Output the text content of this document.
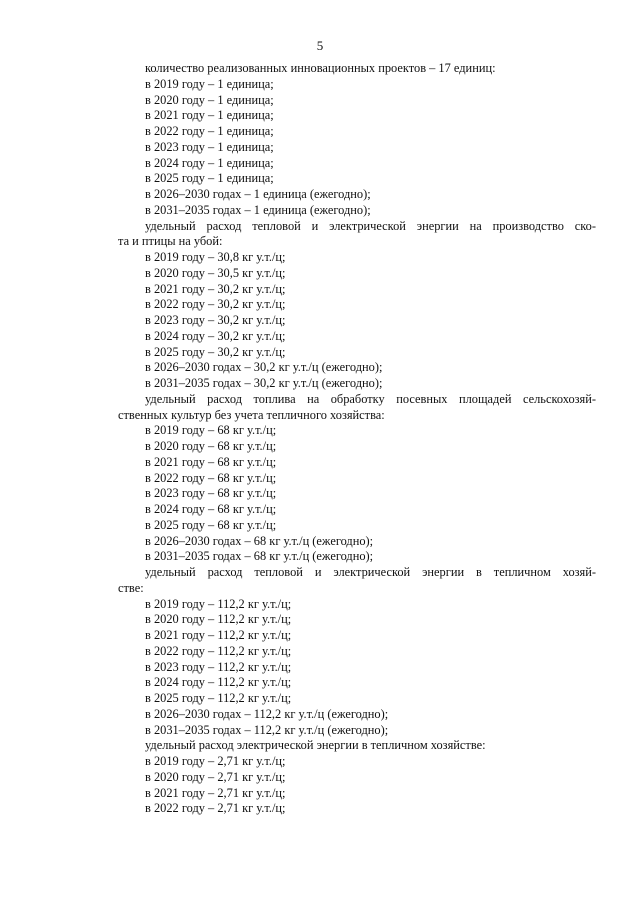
5
количество реализованных инновационных проектов – 17 единиц:
в 2019 году – 1 единица;
в 2020 году – 1 единица;
в 2021 году – 1 единица;
в 2022 году – 1 единица;
в 2023 году – 1 единица;
в 2024 году – 1 единица;
в 2025 году – 1 единица;
в 2026–2030 годах – 1 единица (ежегодно);
в 2031–2035 годах – 1 единица (ежегодно);
удельный расход тепловой и электрической энергии на производство ско-
та и птицы на убой:
в 2019 году – 30,8 кг у.т./ц;
в 2020 году – 30,5 кг у.т./ц;
в 2021 году – 30,2 кг у.т./ц;
в 2022 году – 30,2 кг у.т./ц;
в 2023 году – 30,2 кг у.т./ц;
в 2024 году – 30,2 кг у.т./ц;
в 2025 году – 30,2 кг у.т./ц;
в 2026–2030 годах – 30,2 кг у.т./ц (ежегодно);
в 2031–2035 годах – 30,2 кг у.т./ц (ежегодно);
удельный расход топлива на обработку посевных площадей сельскохозяй-
ственных культур без учета тепличного хозяйства:
в 2019 году – 68 кг у.т./ц;
в 2020 году – 68 кг у.т./ц;
в 2021 году – 68 кг у.т./ц;
в 2022 году – 68 кг у.т./ц;
в 2023 году – 68 кг у.т./ц;
в 2024 году – 68 кг у.т./ц;
в 2025 году – 68 кг у.т./ц;
в 2026–2030 годах – 68 кг у.т./ц (ежегодно);
в 2031–2035 годах – 68 кг у.т./ц (ежегодно);
удельный расход тепловой и электрической энергии в тепличном хозяй-
стве:
в 2019 году – 112,2 кг у.т./ц;
в 2020 году – 112,2 кг у.т./ц;
в 2021 году – 112,2 кг у.т./ц;
в 2022 году – 112,2 кг у.т./ц;
в 2023 году – 112,2 кг у.т./ц;
в 2024 году – 112,2 кг у.т./ц;
в 2025 году – 112,2 кг у.т./ц;
в 2026–2030 годах – 112,2 кг у.т./ц (ежегодно);
в 2031–2035 годах – 112,2 кг у.т./ц (ежегодно);
удельный расход электрической энергии в тепличном хозяйстве:
в 2019 году – 2,71 кг у.т./ц;
в 2020 году – 2,71 кг у.т./ц;
в 2021 году – 2,71 кг у.т./ц;
в 2022 году – 2,71 кг у.т./ц;
